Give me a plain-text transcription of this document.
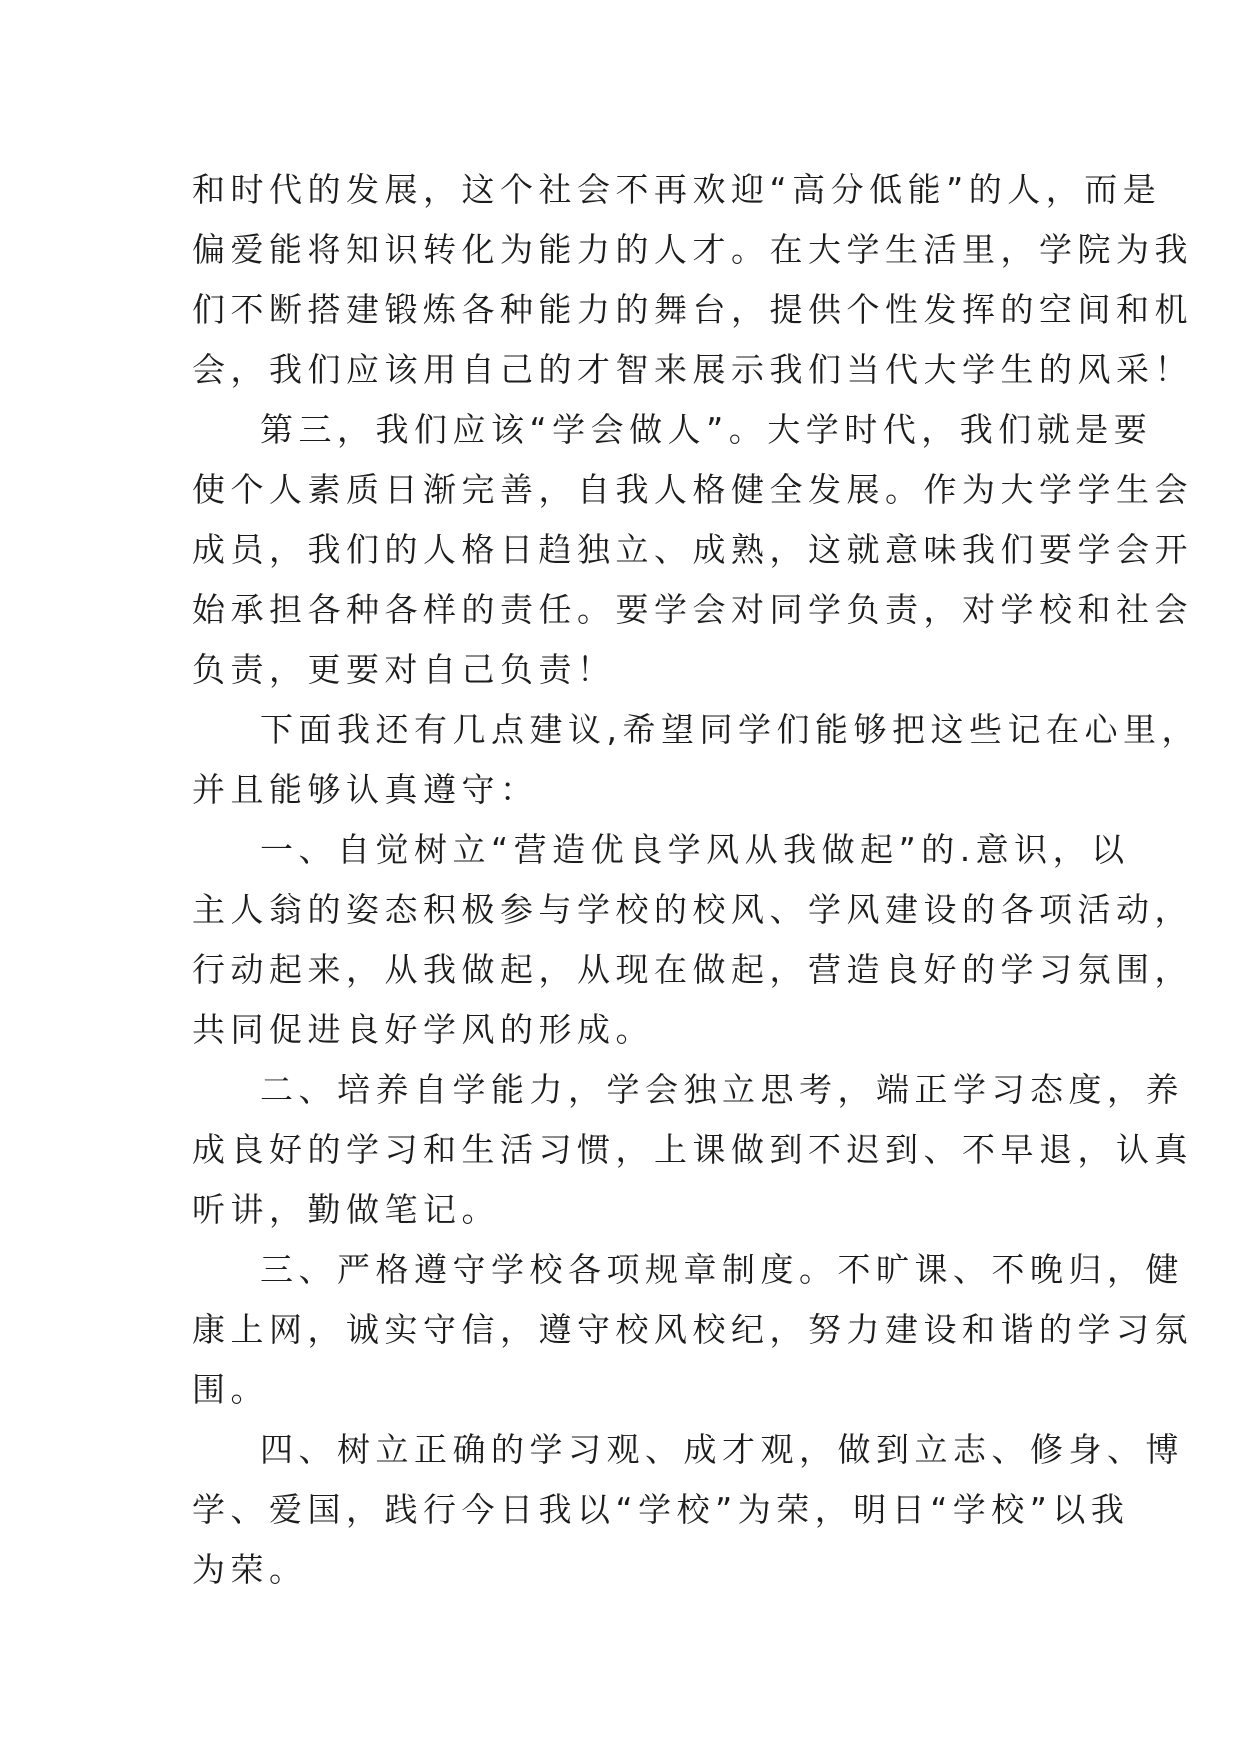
和时代的发展，这个社会不再欢迎“高分低能”的人，而是
偏爱能将知识转化为能力的人才。在大学生活里，学院为我
们不断搭建锻炼各种能力的舞台，提供个性发挥的空间和机
会，我们应该用自己的才智来展示我们当代大学生的风采！
第三，我们应该“学会做人”。大学时代，我们就是要
使个人素质日渐完善，自我人格健全发展。作为大学学生会
成员，我们的人格日趋独立、成熟，这就意味我们要学会开
始承担各种各样的责任。要学会对同学负责，对学校和社会
负责，更要对自己负责！
下面我还有几点建议,希望同学们能够把这些记在心里，
并且能够认真遵守：
一、自觉树立“营造优良学风从我做起”的.意识，以
主人翁的姿态积极参与学校的校风、学风建设的各项活动，
行动起来，从我做起，从现在做起，营造良好的学习氛围，
共同促进良好学风的形成。
二、培养自学能力，学会独立思考，端正学习态度，养
成良好的学习和生活习惯，上课做到不迟到、不早退，认真
听讲，勤做笔记。
三、严格遵守学校各项规章制度。不旷课、不晚归，健
康上网，诚实守信，遵守校风校纪，努力建设和谐的学习氛
围。
四、树立正确的学习观、成才观，做到立志、修身、博
学、爱国，践行今日我以“学校”为荣，明日“学校”以我
为荣。
